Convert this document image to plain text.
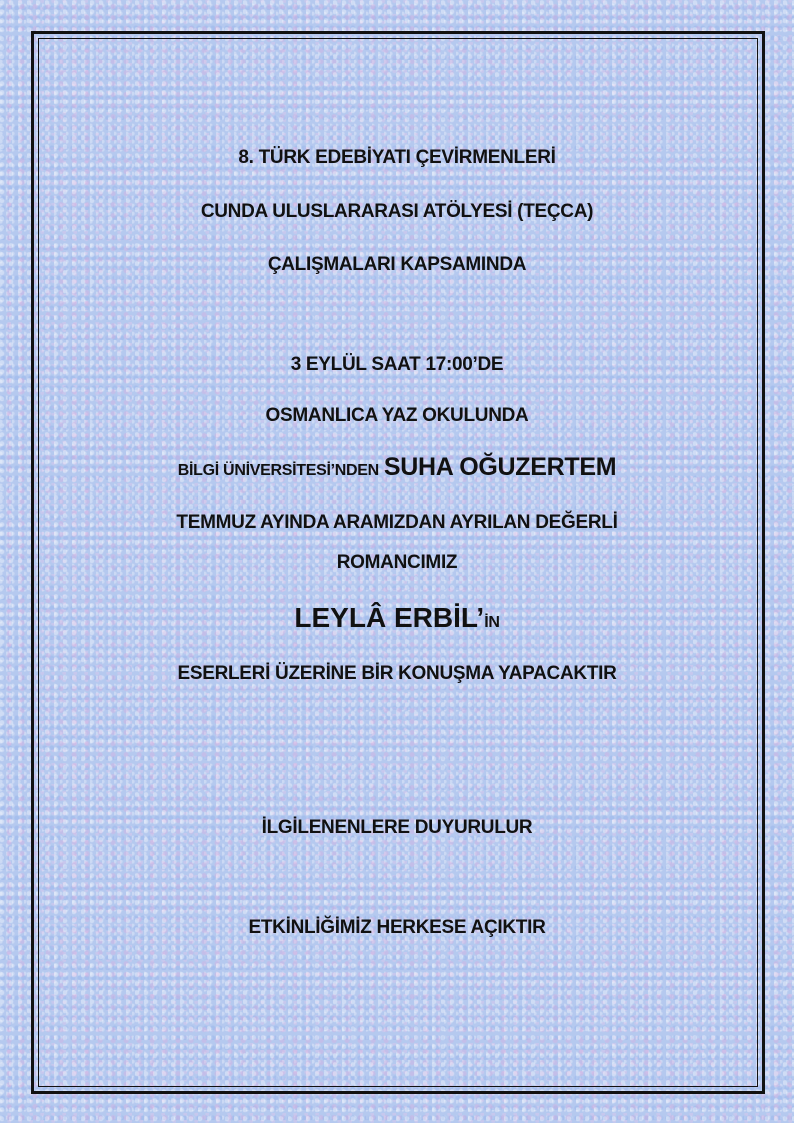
8. TÜRK EDEBİYATI ÇEVİRMENLERİ
CUNDA ULUSLARARASI ATÖLYESİ (TEÇCA)
ÇALIŞMALARI KAPSAMINDA
3 EYLÜL SAAT 17:00’DE
OSMANLICA YAZ OKULUNDA
BİLGİ ÜNİVERSİTESİ’NDEN SUHA OĞUZERTEM
TEMMUZ AYINDA ARAMIZDAN AYRILAN DEĞERLİ
ROMANCIMIZ
LEYLÂ ERBİL’İN
ESERLERİ ÜZERİNE BİR KONUŞMA YAPACAKTIR
İLGİLENENLERE DUYURULUR
ETKİNLİĞİMİZ HERKESE AÇIKTIR
